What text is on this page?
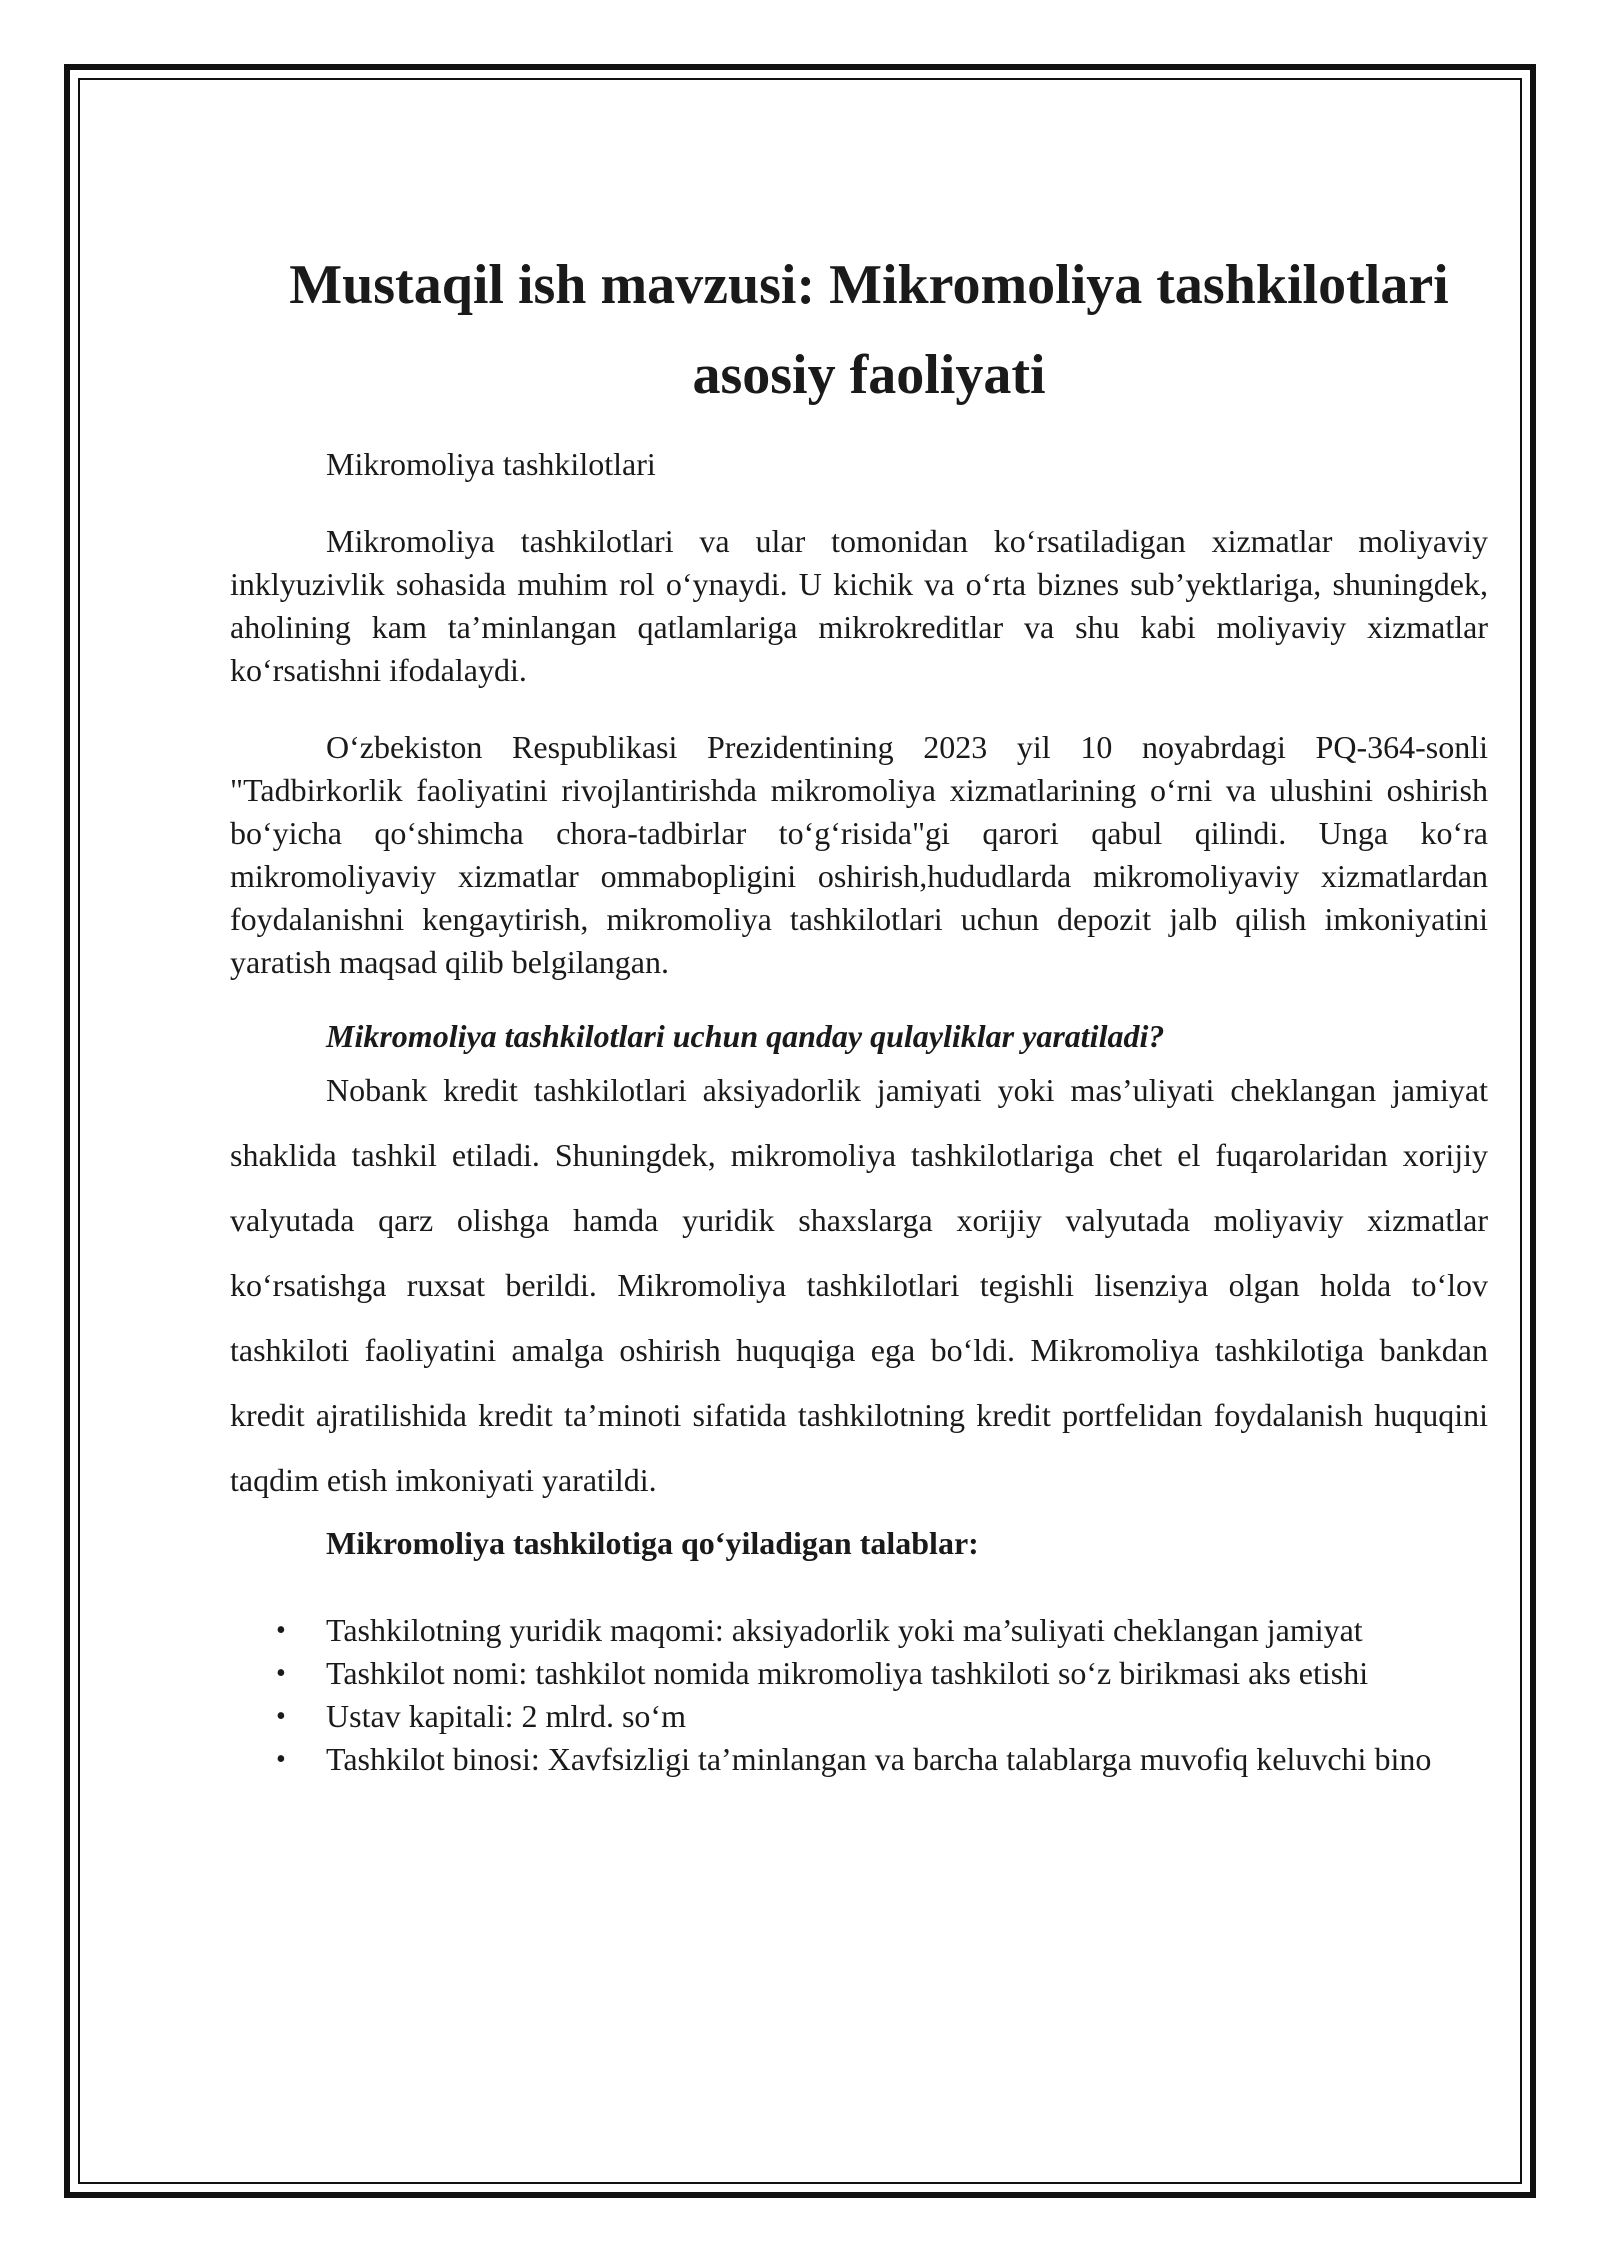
Mustaqil ish mavzusi: Mikromoliya tashkilotlari asosiy faoliyati

Mikromoliya tashkilotlari

Mikromoliya tashkilotlari va ular tomonidan koʻrsatiladigan xizmatlar moliyaviy inklyuzivlik sohasida muhim rol oʻynaydi. U kichik va oʻrta biznes sub’yektlariga, shuningdek, aholining kam ta’minlangan qatlamlariga mikrokreditlar va shu kabi moliyaviy xizmatlar koʻrsatishni ifodalaydi.

Oʻzbekiston Respublikasi Prezidentining 2023 yil 10 noyabrdagi PQ-364-sonli "Tadbirkorlik faoliyatini rivojlantirishda mikromoliya xizmatlarining oʻrni va ulushini oshirish boʻyicha qoʻshimcha chora-tadbirlar toʻgʻrisida"gi qarori qabul qilindi. Unga koʻra mikromoliyaviy xizmatlar ommabopligini oshirish,hududlarda mikromoliyaviy xizmatlardan foydalanishni kengaytirish, mikromoliya tashkilotlari uchun depozit jalb qilish imkoniyatini yaratish maqsad qilib belgilangan.

Mikromoliya tashkilotlari uchun qanday qulayliklar yaratiladi?

Nobank kredit tashkilotlari aksiyadorlik jamiyati yoki mas’uliyati cheklangan jamiyat shaklida tashkil etiladi. Shuningdek, mikromoliya tashkilotlariga chet el fuqarolaridan xorijiy valyutada qarz olishga hamda yuridik shaxslarga xorijiy valyutada moliyaviy xizmatlar koʻrsatishga ruxsat berildi. Mikromoliya tashkilotlari tegishli lisenziya olgan holda toʻlov tashkiloti faoliyatini amalga oshirish huquqiga ega boʻldi. Mikromoliya tashkilotiga bankdan kredit ajratilishida kredit ta’minoti sifatida tashkilotning kredit portfelidan foydalanish huquqini taqdim etish imkoniyati yaratildi.

Mikromoliya tashkilotiga qoʻyiladigan talablar:

• Tashkilotning yuridik maqomi: aksiyadorlik yoki ma’suliyati cheklangan jamiyat
• Tashkilot nomi: tashkilot nomida mikromoliya tashkiloti soʻz birikmasi aks etishi
• Ustav kapitali: 2 mlrd. soʻm
• Tashkilot binosi: Xavfsizligi ta’minlangan va barcha talablarga muvofiq keluvchi bino
